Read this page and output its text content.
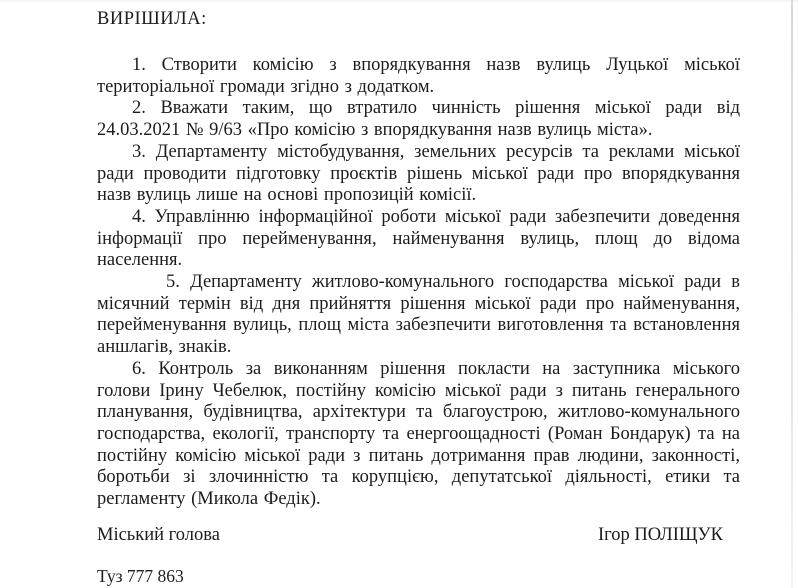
ВИРІШИЛА:

1. Створити комісію з впорядкування назв вулиць Луцької міської територіальної громади згідно з додатком.

2. Вважати таким, що втратило чинність рішення міської ради від 24.03.2021 № 9/63 «Про комісію з впорядкування назв вулиць міста».

3. Департаменту містобудування, земельних ресурсів та реклами міської ради проводити підготовку проєктів рішень міської ради про впорядкування назв вулиць лише на основі пропозицій комісії.

4. Управлінню інформаційної роботи міської ради забезпечити доведення інформації про перейменування, найменування вулиць, площ до відома населення.

5. Департаменту житлово-комунального господарства міської ради в місячний термін від дня прийняття рішення міської ради про найменування, перейменування вулиць, площ міста забезпечити виготовлення та встановлення аншлагів, знаків.

6. Контроль за виконанням рішення покласти на заступника міського голови Ірину Чебелюк, постійну комісію міської ради з питань генерального планування, будівництва, архітектури та благоустрою, житлово-комунального господарства, екології, транспорту та енергоощадності (Роман Бондарук) та на постійну комісію міської ради з питань дотримання прав людини, законності, боротьби зі злочинністю та корупцією, депутатської діяльності, етики та регламенту (Микола Федік).

Міський голова	Ігор ПОЛІЩУК
Туз 777 863
